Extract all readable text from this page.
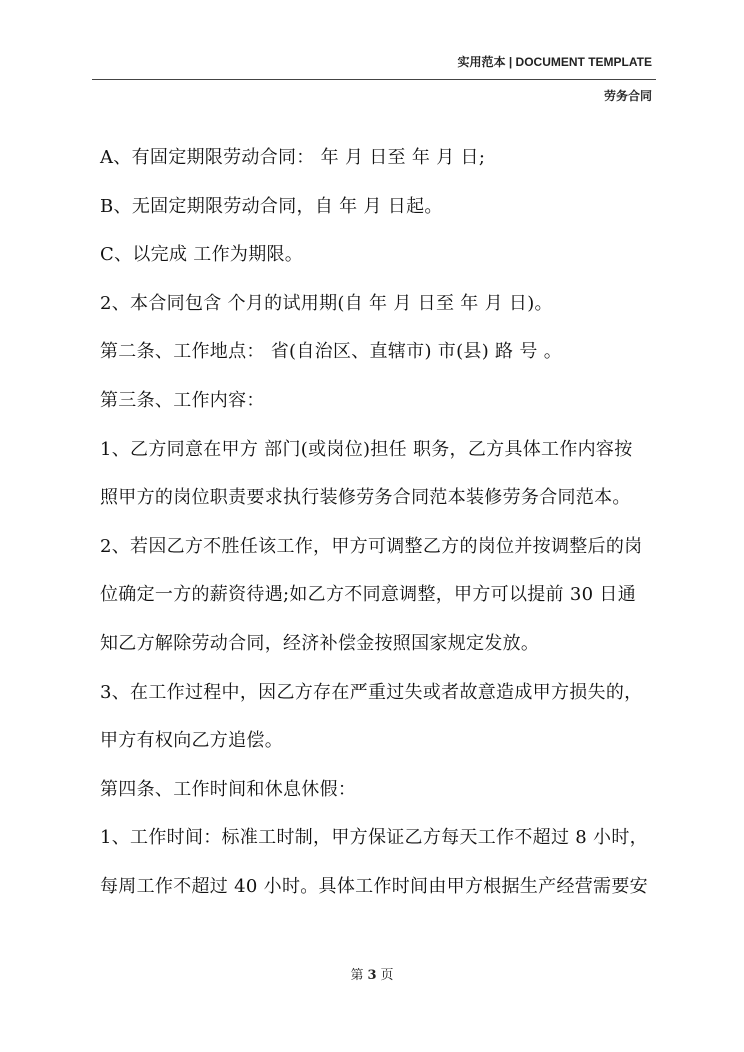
实用范本 | DOCUMENT TEMPLATE
劳务合同
A、有固定期限劳动合同： 年 月 日至 年 月 日;
B、无固定期限劳动合同，自 年 月 日起。
C、以完成 工作为期限。
2、本合同包含 个月的试用期(自 年 月 日至 年 月 日)。
第二条、工作地点： 省(自治区、直辖市) 市(县) 路 号 。
第三条、工作内容：
1、乙方同意在甲方 部门(或岗位)担任 职务，乙方具体工作内容按
照甲方的岗位职责要求执行装修劳务合同范本装修劳务合同范本。
2、若因乙方不胜任该工作，甲方可调整乙方的岗位并按调整后的岗
位确定一方的薪资待遇;如乙方不同意调整，甲方可以提前 30 日通
知乙方解除劳动合同，经济补偿金按照国家规定发放。
3、在工作过程中，因乙方存在严重过失或者故意造成甲方损失的，
甲方有权向乙方追偿。
第四条、工作时间和休息休假：
1、工作时间：标准工时制，甲方保证乙方每天工作不超过 8 小时，
每周工作不超过 40 小时。具体工作时间由甲方根据生产经营需要安
第 3 页
